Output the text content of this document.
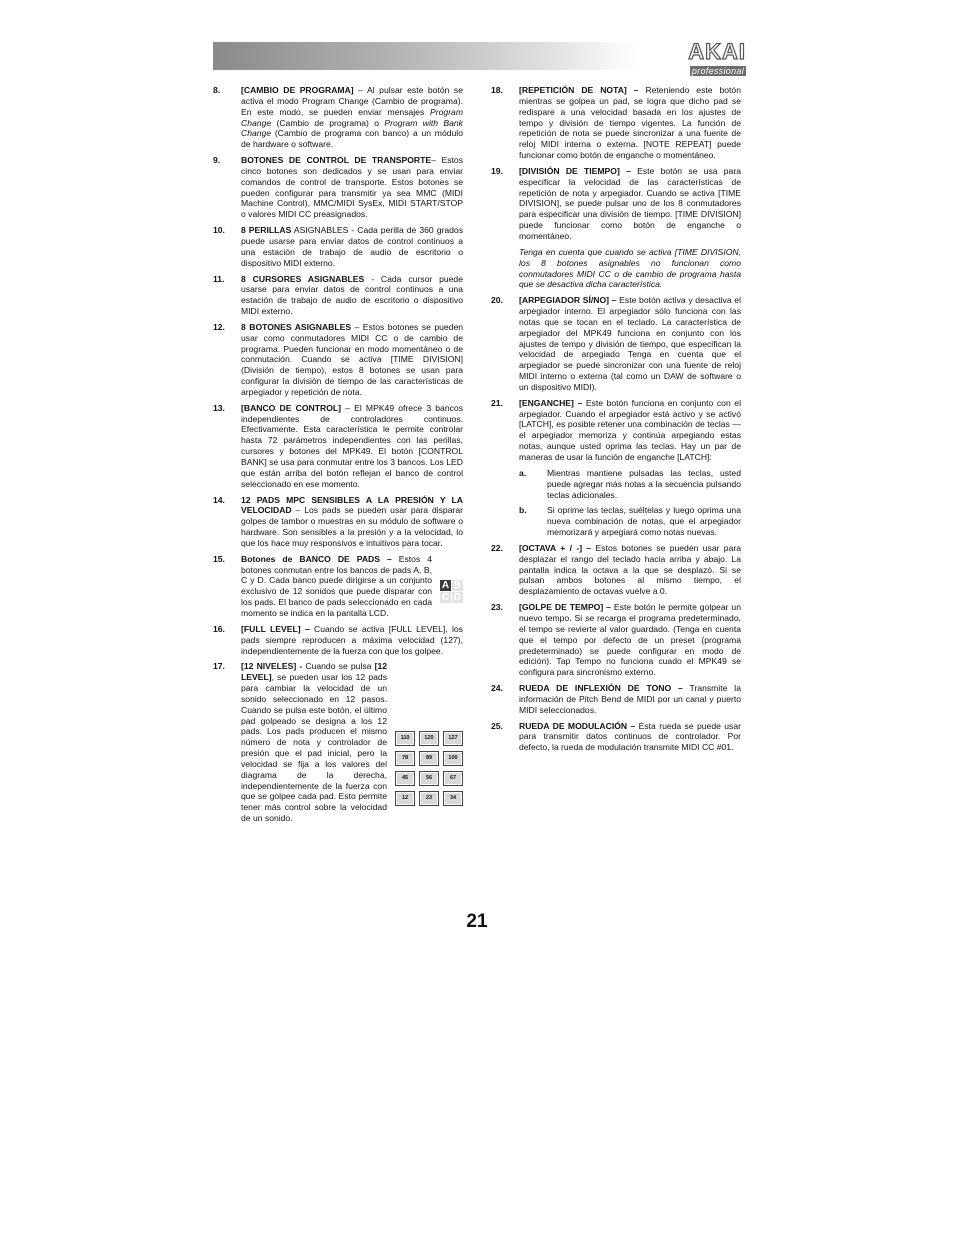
AKAI
professional
8. [CAMBIO DE PROGRAMA] – Al pulsar este botón se activa el modo Program Change (Cambio de programa). En este modo, se pueden enviar mensajes Program Change (Cambio de programa) o Program with Bank Change (Cambio de programa con banco) a un módulo de hardware o software.
9. BOTONES DE CONTROL DE TRANSPORTE– Estos cinco botones son dedicados y se usan para enviar comandos de control de transporte. Estos botones se pueden configurar para transmitir ya sea MMC (MIDI Machine Control), MMC/MIDI SysEx, MIDI START/STOP o valores MIDI CC preasignados.
10. 8 PERILLAS ASIGNABLES - Cada perilla de 360 grados puede usarse para enviar datos de control continuos a una estación de trabajo de audio de escritorio o dispositivo MIDI externo.
11. 8 CURSORES ASIGNABLES - Cada cursor puede usarse para enviar datos de control continuos a una estación de trabajo de audio de escritorio o dispositivo MIDI externo.
12. 8 BOTONES ASIGNABLES – Estos botones se pueden usar como conmutadores MIDI CC o de cambio de programa. Pueden funcionar en modo momentáneo o de conmutación. Cuando se activa [TIME DIVISION] (División de tiempo), estos 8 botones se usan para configurar la división de tiempo de las características de arpegiador y repetición de nota.
13. [BANCO DE CONTROL] – El MPK49 ofrece 3 bancos independientes de controladores continuos. Efectivamente. Esta característica le permite controlar hasta 72 parámetros independientes con las perillas, cursores y botones del MPK49. El botón [CONTROL BANK] se usa para conmutar entre los 3 bancos. Los LED que están arriba del botón reflejan el banco de control seleccionado en ese momento.
14. 12 PADS MPC SENSIBLES A LA PRESIÓN Y LA VELOCIDAD – Los pads se pueden usar para disparar golpes de tambor o muestras en su módulo de software o hardware. Son sensibles a la presión y a la velocidad, lo que los hace muy responsivos e intuitivos para tocar.
15.
A B
C D
Botones de BANCO DE PADS – Estos 4 botones conmutan entre los bancos de pads A, B, C y D. Cada banco puede dirigirse a un conjunto exclusivo de 12 sonidos que puede disparar con los pads. El banco de pads seleccionado en cada momento se indica en la pantalla LCD.
16. [FULL LEVEL] – Cuando se activa [FULL LEVEL], los pads siempre reproducen a máxima velocidad (127), independientemente de la fuerza con que los golpee.
17.
110	120	127
78	89	100
45	56	67
12	23	34
[12 NIVELES] - Cuando se pulsa [12 LEVEL], se pueden usar los 12 pads para cambiar la velocidad de un sonido seleccionado en 12 pasos. Cuando se pulsa este botón, el último pad golpeado se designa a los 12 pads. Los pads producen el mismo número de nota y controlador de presión que el pad inicial, pero la velocidad se fija a los valores del diagrama de la derecha, independientemente de la fuerza con que se golpee cada pad. Esto permite tener más control sobre la velocidad de un sonido.
18. [REPETICIÓN DE NOTA] – Reteniendo este botón mientras se golpea un pad, se logra que dicho pad se redispare a una velocidad basada en los ajustes de tempo y división de tiempo vigentes. La función de repetición de nota se puede sincronizar a una fuente de reloj MIDI interna o externa. [NOTE REPEAT] puede funcionar como botón de enganche o momentáneo.
19. [DIVISIÓN DE TIEMPO] – Este botón se usa para especificar la velocidad de las características de repetición de nota y arpegiador. Cuando se activa [TIME DIVISION], se puede pulsar uno de los 8 conmutadores para especificar una división de tiempo. [TIME DIVISION] puede funcionar como botón de enganche o momentáneo.
Tenga en cuenta que cuando se activa [TIME DIVISION, los 8 botones asignables no funcionan como conmutadores MIDI CC o de cambio de programa hasta que se desactiva dicha característica.
20. [ARPEGIADOR SÍ/NO] – Este botón activa y desactiva el arpegiador interno. El arpegiador sólo funciona con las notas que se tocan en el teclado. La característica de arpegiador del MPK49 funciona en conjunto con los ajustes de tempo y división de tiempo, que especifican la velocidad de arpegiado Tenga en cuenta que el arpegiador se puede sincronizar con una fuente de reloj MIDI interno o externa (tal como un DAW de software o un dispositivo MIDI).
21. [ENGANCHE] – Este botón funciona en conjunto con el arpegiador. Cuando el arpegiador está activo y se activó [LATCH], es posible retener una combinación de teclas —el arpegiador memoriza y continúa arpegiando estas notas, aunque usted oprima las teclas. Hay un par de maneras de usar la función de enganche [LATCH]:
a. Mientras mantiene pulsadas las teclas, usted puede agregar más notas a la secuencia pulsando teclas adicionales.
b. Si oprime las teclas, suéltelas y luego oprima una nueva combinación de notas, que el arpegiador memorizará y arpegiará como notas nuevas.
22. [OCTAVA + / -] – Estos botones se pueden usar para desplazar el rango del teclado hacia arriba y abajo. La pantalla indica la octava a la que se desplazó. Si se pulsan ambos botones al mismo tiempo, el desplazamiento de octavas vuelve a 0.
23. [GOLPE DE TEMPO] – Este botón le permite golpear un nuevo tempo. Si se recarga el programa predeterminado, el tempo se revierte al valor guardado. (Tenga en cuenta que el tempo por defecto de un preset (programa predeterminado) se puede configurar en modo de edición). Tap Tempo no funciona cuado el MPK49 se configura para sincronismo externo.
24. RUEDA DE INFLEXIÓN DE TONO – Transmite la información de Pitch Bend de MIDI por un canal y puerto MIDI seleccionados.
25. RUEDA DE MODULACIÓN – Esta rueda se puede usar para transmitir datos continuos de controlador. Por defecto, la rueda de modulación transmite MIDI CC #01.
21
